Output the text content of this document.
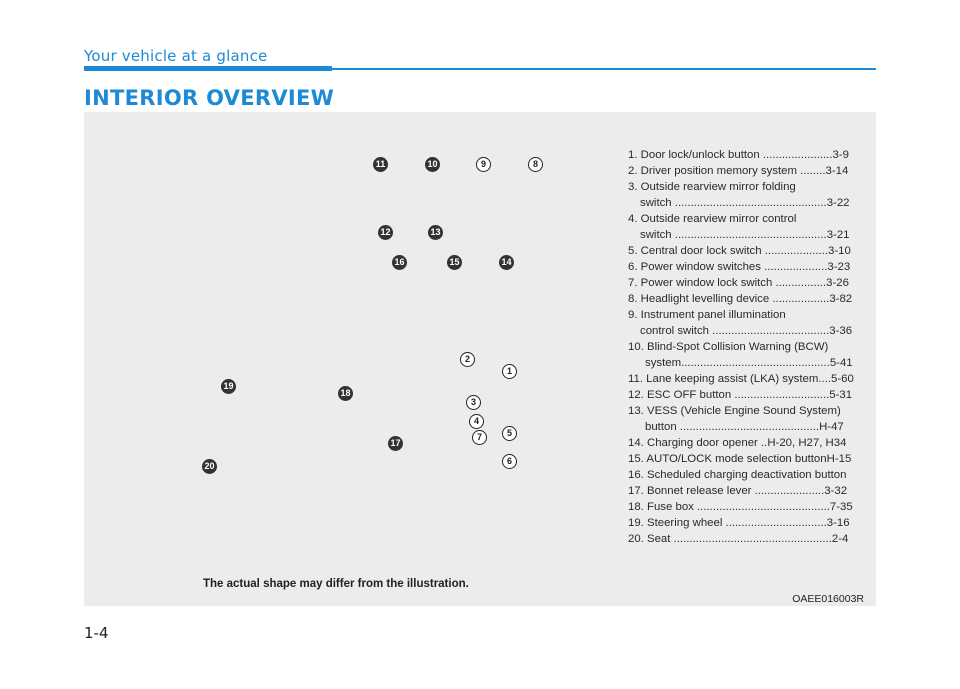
Your vehicle at a glance
INTERIOR OVERVIEW
1
2
3
4
5
6
7
8
9
10
11
12	13
14
15
16
17
18
19
20
1. Door lock/unlock button ......................3-9
2. Driver position memory system ........3-14
3. Outside rearview mirror folding
switch ................................................3-22
4. Outside rearview mirror control
switch ................................................3-21
5. Central door lock switch ....................3-10
6. Power window switches ....................3-23
7. Power window lock switch ................3-26
8. Headlight levelling device ..................3-82
9. Instrument panel illumination
control switch .....................................3-36
10. Blind-Spot Collision Warning (BCW)
system...............................................5-41
11. Lane keeping assist (LKA) system....5-60
12. ESC OFF button ..............................5-31
13. VESS (Vehicle Engine Sound System)
button ............................................H-47
14. Charging door opener ..H-20, H27, H34
15. AUTO/LOCK mode selection buttonH-15
16. Scheduled charging deactivation button
17. Bonnet release lever ......................3-32
18. Fuse box ..........................................7-35
19. Steering wheel ................................3-16
20. Seat ..................................................2-4
The actual shape may differ from the illustration.
OAEE016003R
1-4
